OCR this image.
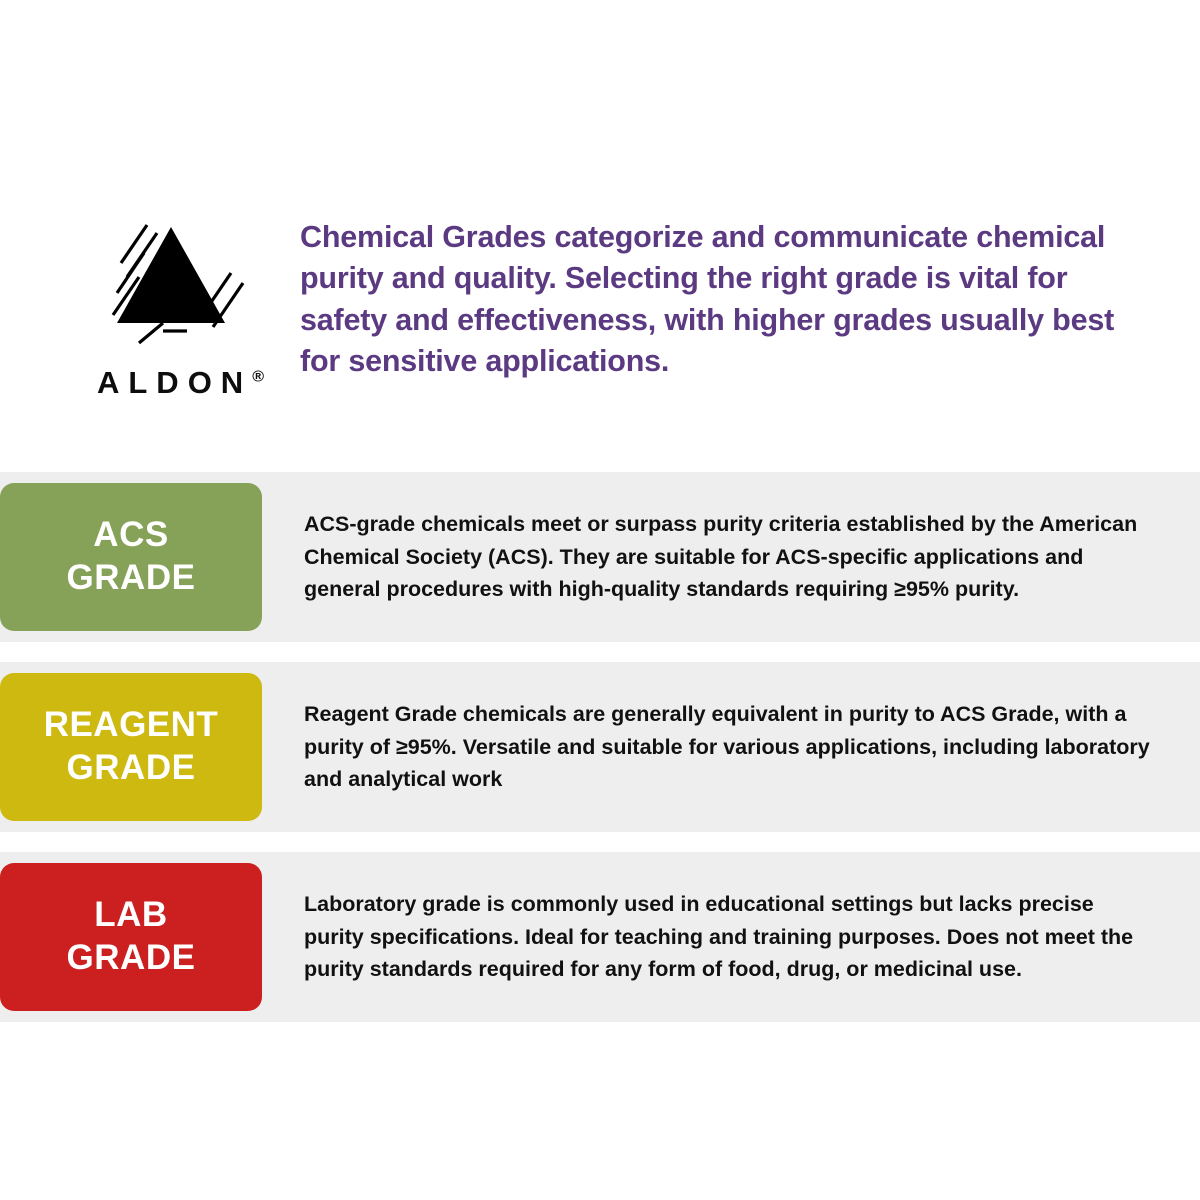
ALDON®
Chemical Grades categorize and communicate chemical purity and quality. Selecting the right grade is vital for safety and effectiveness, with higher grades usually best for sensitive applications.
ACS
GRADE
ACS-grade chemicals meet or surpass purity criteria established by the American Chemical Society (ACS). They are suitable for ACS-specific applications and general procedures with high-quality standards requiring ≥95% purity.
REAGENT
GRADE
Reagent Grade chemicals are generally equivalent in purity to ACS Grade, with a purity of ≥95%. Versatile and suitable for various applications, including laboratory and analytical work
LAB
GRADE
Laboratory grade is commonly used in educational settings but lacks precise purity specifications. Ideal for teaching and training purposes. Does not meet the purity standards required for any form of food, drug, or medicinal use.
